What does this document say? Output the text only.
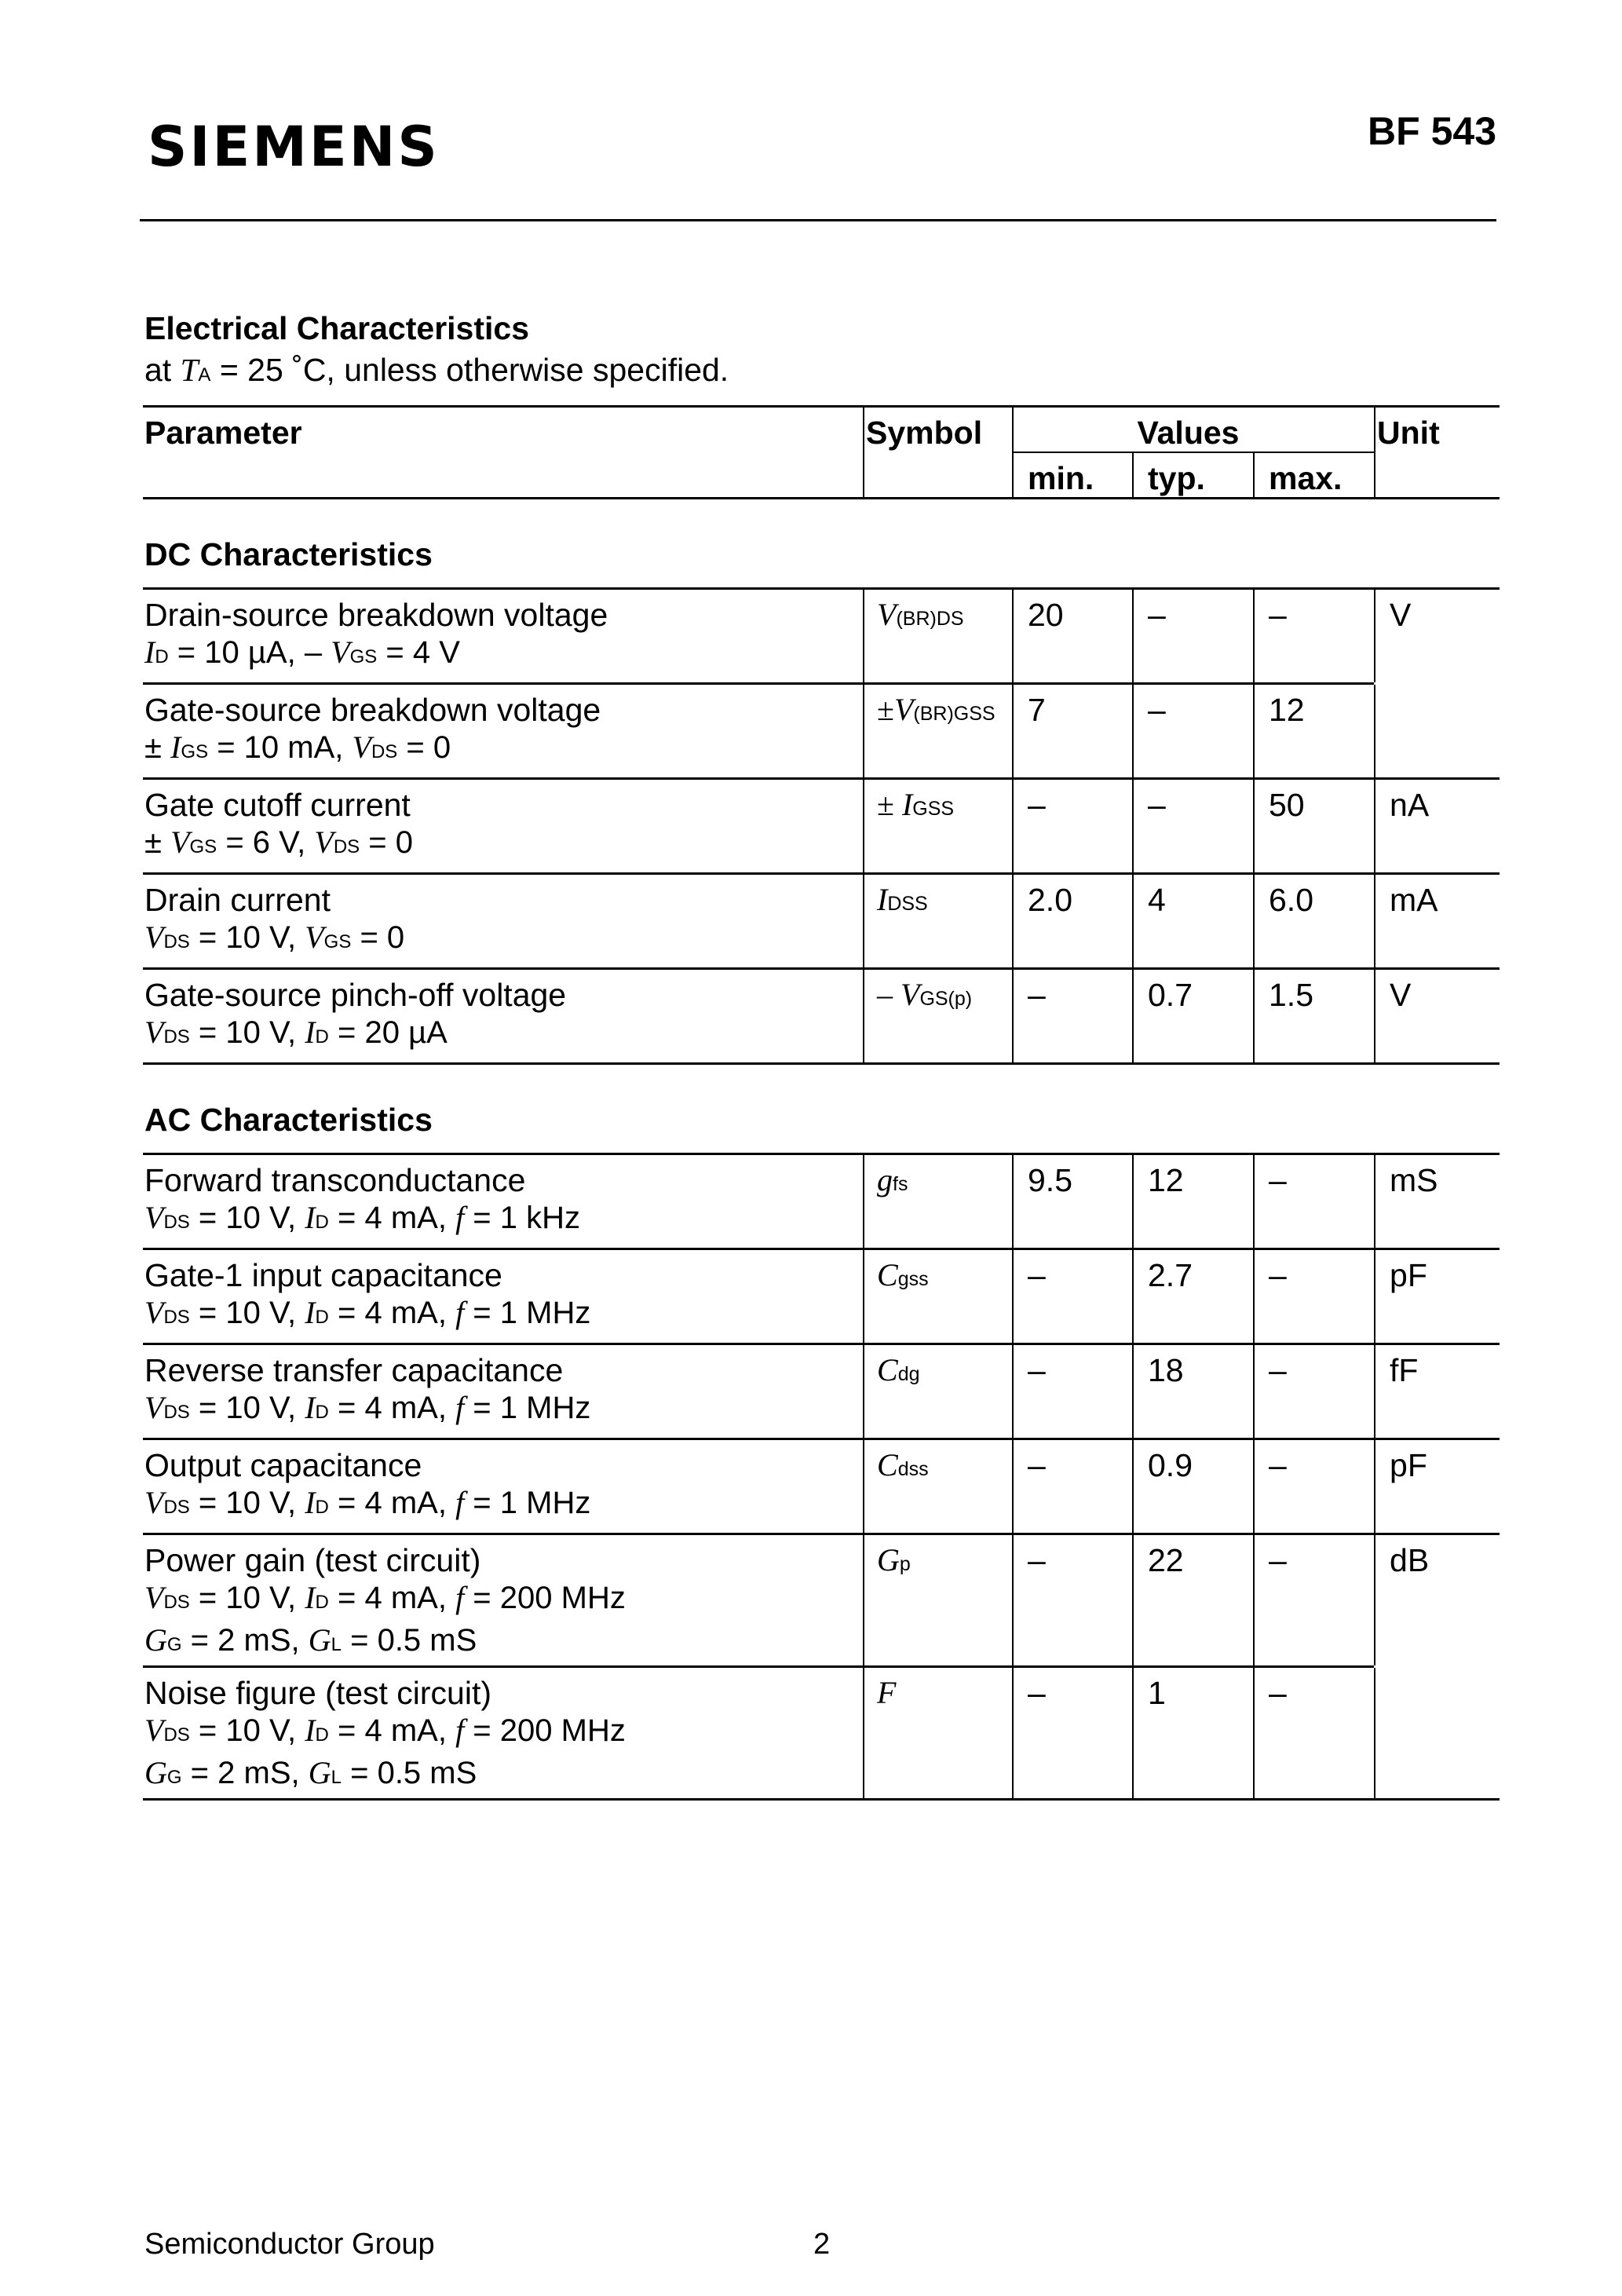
SIEMENS	BF 543
Electrical Characteristics
at TA = 25 ˚C, unless otherwise specified.
Parameter	Symbol	Values			Unit
		min.	typ.	max.	
DC Characteristics					

Drain-source breakdown voltage
ID = 10 µA, – VGS = 4 V	V(BR)DS	20	–	–	V

Gate-source breakdown voltage
± IGS = 10 mA, VDS = 0	±V(BR)GSS	7	–	12	

Gate cutoff current
± VGS = 6 V, VDS = 0	± IGSS	–	–	50	nA

Drain current
VDS = 10 V, VGS = 0	IDSS	2.0	4	6.0	mA

Gate-source pinch-off voltage
VDS = 10 V, ID = 20 µA	– VGS(p)	–	0.7	1.5	V
AC Characteristics					

Forward transconductance
VDS = 10 V, ID = 4 mA, f = 1 kHz	gfs	9.5	12	–	mS

Gate-1 input capacitance
VDS = 10 V, ID = 4 mA, f = 1 MHz	Cgss	–	2.7	–	pF

Reverse transfer capacitance
VDS = 10 V, ID = 4 mA, f = 1 MHz	Cdg	–	18	–	fF

Output capacitance
VDS = 10 V, ID = 4 mA, f = 1 MHz	Cdss	–	0.9	–	pF

Power gain (test circuit)
VDS = 10 V, ID = 4 mA, f = 200 MHz
GG = 2 mS, GL = 0.5 mS	Gp	–	22	–	dB

Noise figure (test circuit)
VDS = 10 V, ID = 4 mA, f = 200 MHz
GG = 2 mS, GL = 0.5 mS	F	–	1	–	
Semiconductor Group	2
